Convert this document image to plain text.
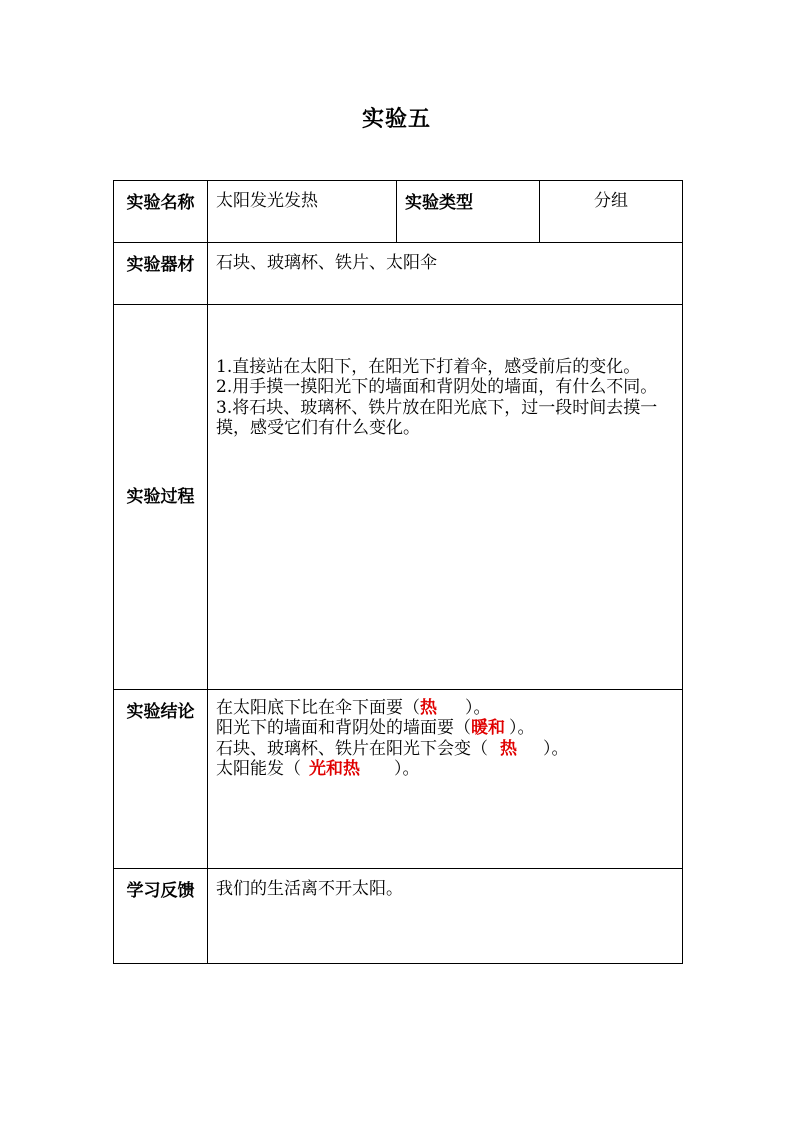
实验五
实验名称	太阳发光发热	实验类型	分组
实验器材	石块、玻璃杯、铁片、太阳伞		
实验过程	1.直接站在太阳下，在阳光下打着伞，感受前后的变化。

2.用手摸一摸阳光下的墙面和背阴处的墙面，有什么不同。

3.将石块、玻璃杯、铁片放在阳光底下，过一段时间去摸一摸，感受它们有什么变化。		

实验结论	在太阳底下比在伞下面要（热 ）。

阳光下的墙面和背阴处的墙面要（暖和 ）。

石块、玻璃杯、铁片在阳光下会变（ 热 ）。

太阳能发（ 光和热 ）。		

学习反馈	我们的生活离不开太阳。		
